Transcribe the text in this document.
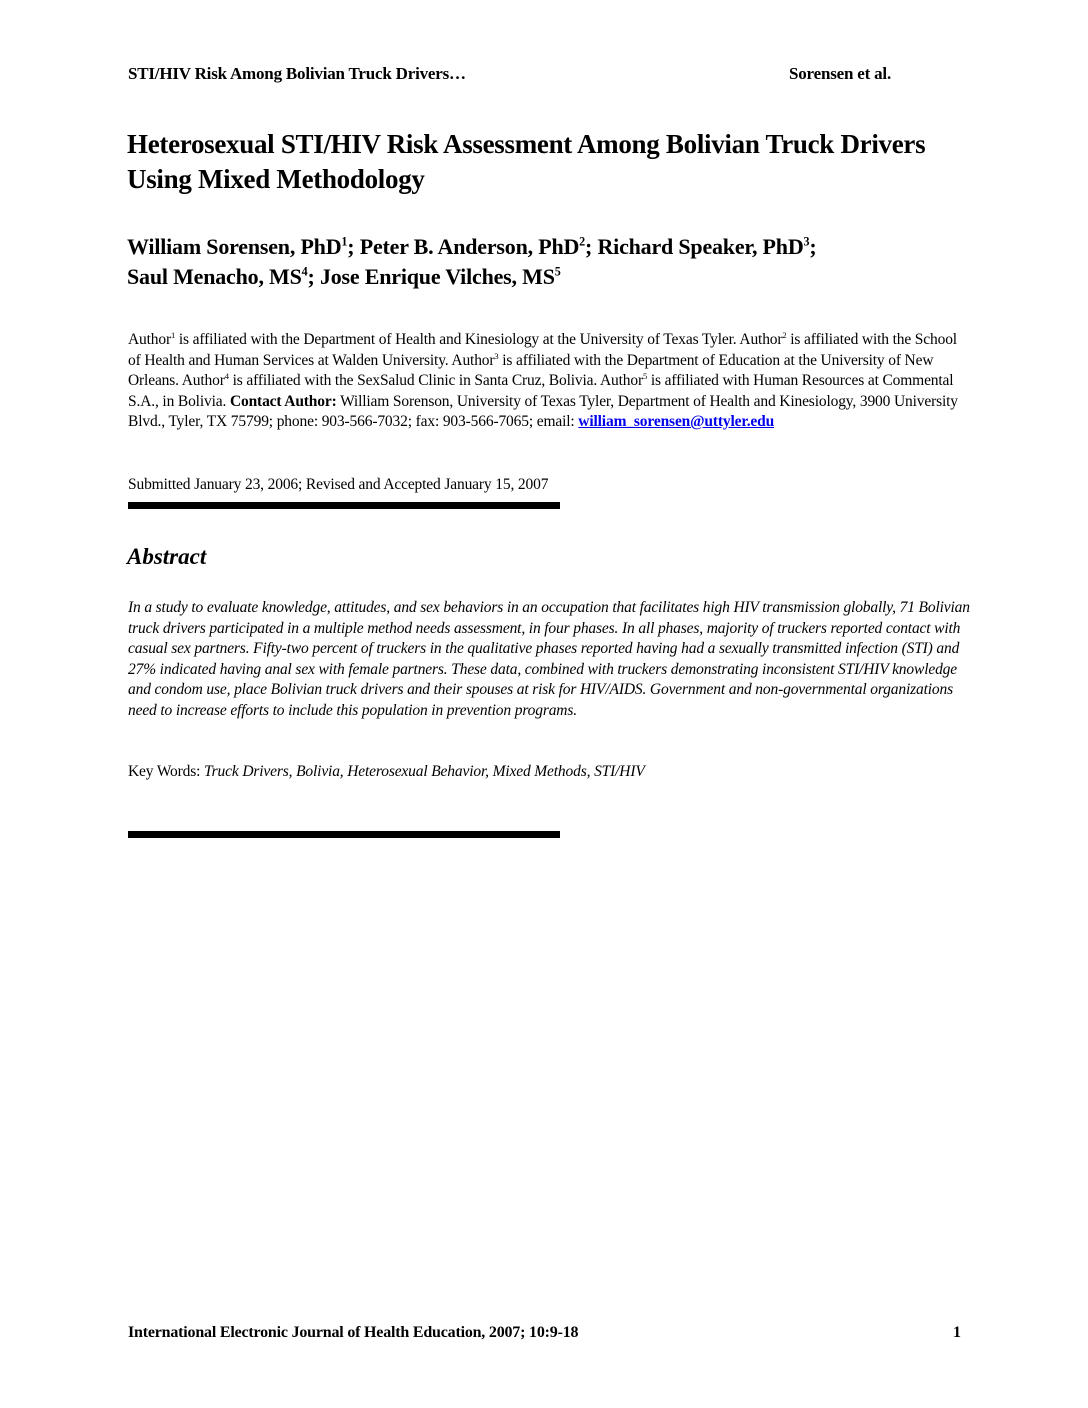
STI/HIV Risk Among Bolivian Truck Drivers…	Sorensen et al.
Heterosexual STI/HIV Risk Assessment Among Bolivian Truck Drivers Using Mixed Methodology

William Sorensen, PhD$^1$; Peter B. Anderson, PhD$^2$; Richard Speaker, PhD$^3$;
Saul Menacho, $MS^4$; Jose Enrique Vilches, $MS^5$

Author$^1$ is affiliated with the Department of Health and Kinesiology at the University of Texas Tyler. Author$^2$ is affiliated with the School of Health and Human Services at Walden University. Author$^3$ is affiliated with the Department of Education at the University of New Orleans. Author$^4$ is affiliated with the SexSalud Clinic in Santa Cruz, Bolivia. Author$^5$ is affiliated with Human Resources at Commental S.A., in Bolivia. Contact Author: William Sorenson, University of Texas Tyler, Department of Health and Kinesiology, 3900 University Blvd., Tyler, TX 75799; phone: 903-566-7032; fax: 903-566-7065; email: william_sorensen@uttyler.edu

Submitted January 23, 2006; Revised and Accepted January 15, 2007
Abstract

In a study to evaluate knowledge, attitudes, and sex behaviors in an occupation that facilitates high HIV transmission globally, 71 Bolivian truck drivers participated in a multiple method needs assessment, in four phases. In all phases, majority of truckers reported contact with casual sex partners. Fifty-two percent of truckers in the qualitative phases reported having had a sexually transmitted infection (STI) and 27% indicated having anal sex with female partners. These data, combined with truckers demonstrating inconsistent STI/HIV knowledge and condom use, place Bolivian truck drivers and their spouses at risk for HIV/AIDS. Government and non-governmental organizations need to increase efforts to include this population in prevention programs.

Key Words: Truck Drivers, Bolivia, Heterosexual Behavior, Mixed Methods, STI/HIV

International Electronic Journal of Health Education, 2007; 10:9-18	1
